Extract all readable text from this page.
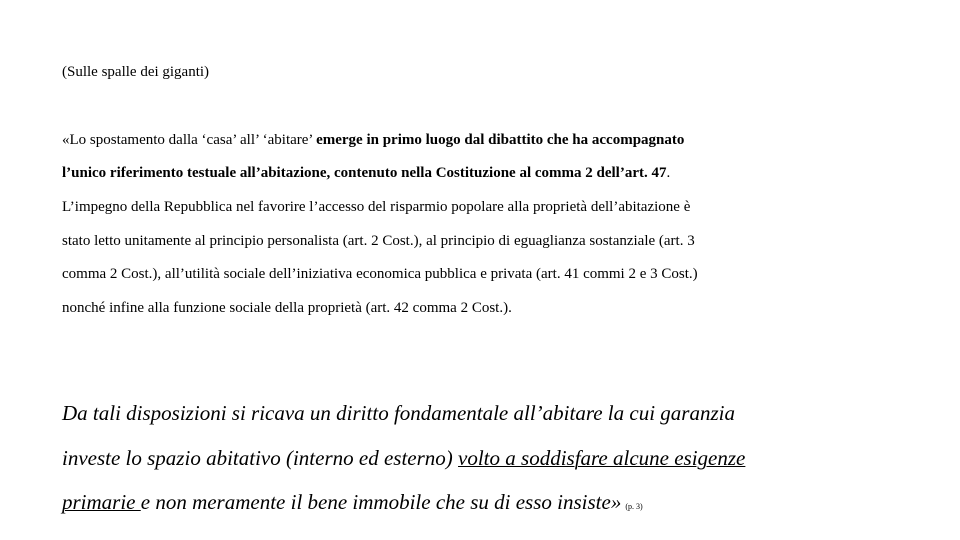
(Sulle spalle dei giganti)
«Lo spostamento dalla ‘casa’ all’ ‘abitare’ emerge in primo luogo dal dibattito che ha accompagnato
l’unico riferimento testuale all’abitazione, contenuto nella Costituzione al comma 2 dell’art. 47.
L’impegno della Repubblica nel favorire l’accesso del risparmio popolare alla proprietà dell’abitazione è
stato letto unitamente al principio personalista (art. 2 Cost.), al principio di eguaglianza sostanziale (art. 3
comma 2 Cost.), all’utilità sociale dell’iniziativa economica pubblica e privata (art. 41 commi 2 e 3 Cost.)
nonché infine alla funzione sociale della proprietà (art. 42 comma 2 Cost.).
Da tali disposizioni si ricava un diritto fondamentale all’abitare la cui garanzia
investe lo spazio abitativo (interno ed esterno) volto a soddisfare alcune esigenze
primarie e non meramente il bene immobile che su di esso insiste» (p. 3)
